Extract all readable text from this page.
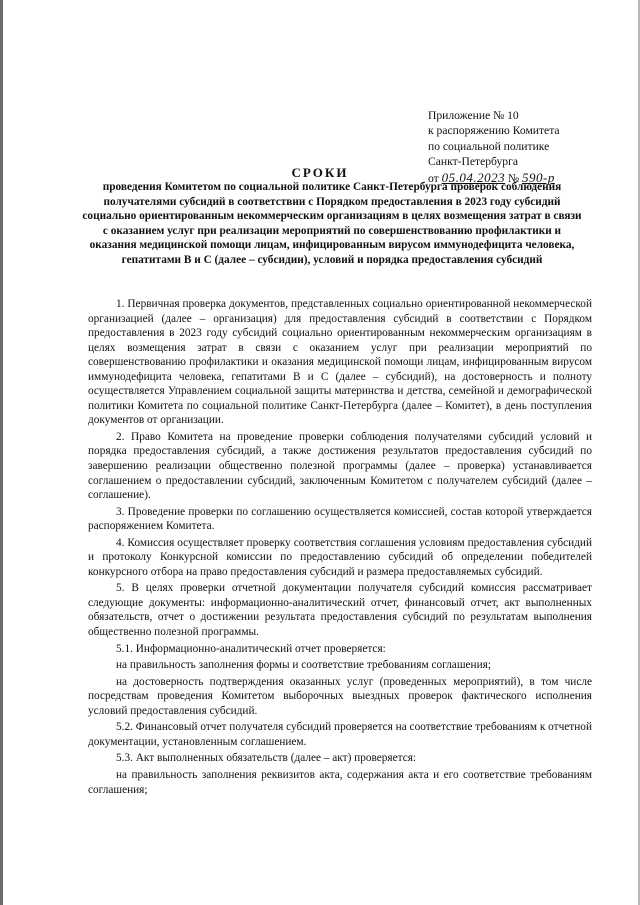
Приложение № 10
к распоряжению Комитета
по социальной политике
Санкт-Петербурга
от 05.04.2023 № 590-р
СРОКИ
проведения Комитетом по социальной политике Санкт-Петербурга проверок соблюдения получателями субсидий в соответствии с Порядком предоставления в 2023 году субсидий социально ориентированным некоммерческим организациям в целях возмещения затрат в связи с оказанием услуг при реализации мероприятий по совершенствованию профилактики и оказания медицинской помощи лицам, инфицированным вирусом иммунодефицита человека, гепатитами В и С (далее – субсидии), условий и порядка предоставления субсидий

1. Первичная проверка документов, представленных социально ориентированной некоммерческой организацией (далее – организация) для предоставления субсидий в соответствии с Порядком предоставления в 2023 году субсидий социально ориентированным некоммерческим организациям в целях возмещения затрат в связи с оказанием услуг при реализации мероприятий по совершенствованию профилактики и оказания медицинской помощи лицам, инфицированным вирусом иммунодефицита человека, гепатитами В и С (далее – субсидий), на достоверность и полноту осуществляется Управлением социальной защиты материнства и детства, семейной и демографической политики Комитета по социальной политике Санкт-Петербурга (далее – Комитет), в день поступления документов от организации.

2. Право Комитета на проведение проверки соблюдения получателями субсидий условий и порядка предоставления субсидий, а также достижения результатов предоставления субсидий по завершению реализации общественно полезной программы (далее – проверка) устанавливается соглашением о предоставлении субсидий, заключенным Комитетом с получателем субсидий (далее – соглашение).

3. Проведение проверки по соглашению осуществляется комиссией, состав которой утверждается распоряжением Комитета.

4. Комиссия осуществляет проверку соответствия соглашения условиям предоставления субсидий и протоколу Конкурсной комиссии по предоставлению субсидий об определении победителей конкурсного отбора на право предоставления субсидий и размера предоставляемых субсидий.

5. В целях проверки отчетной документации получателя субсидий комиссия рассматривает следующие документы: информационно-аналитический отчет, финансовый отчет, акт выполненных обязательств, отчет о достижении результата предоставления субсидий по результатам выполнения общественно полезной программы.

5.1. Информационно-аналитический отчет проверяется:

на правильность заполнения формы и соответствие требованиям соглашения;

на достоверность подтверждения оказанных услуг (проведенных мероприятий), в том числе посредствам проведения Комитетом выборочных выездных проверок фактического исполнения условий предоставления субсидий.

5.2. Финансовый отчет получателя субсидий проверяется на соответствие требованиям к отчетной документации, установленным соглашением.

5.3. Акт выполненных обязательств (далее – акт) проверяется:

на правильность заполнения реквизитов акта, содержания акта и его соответствие требованиям соглашения;
